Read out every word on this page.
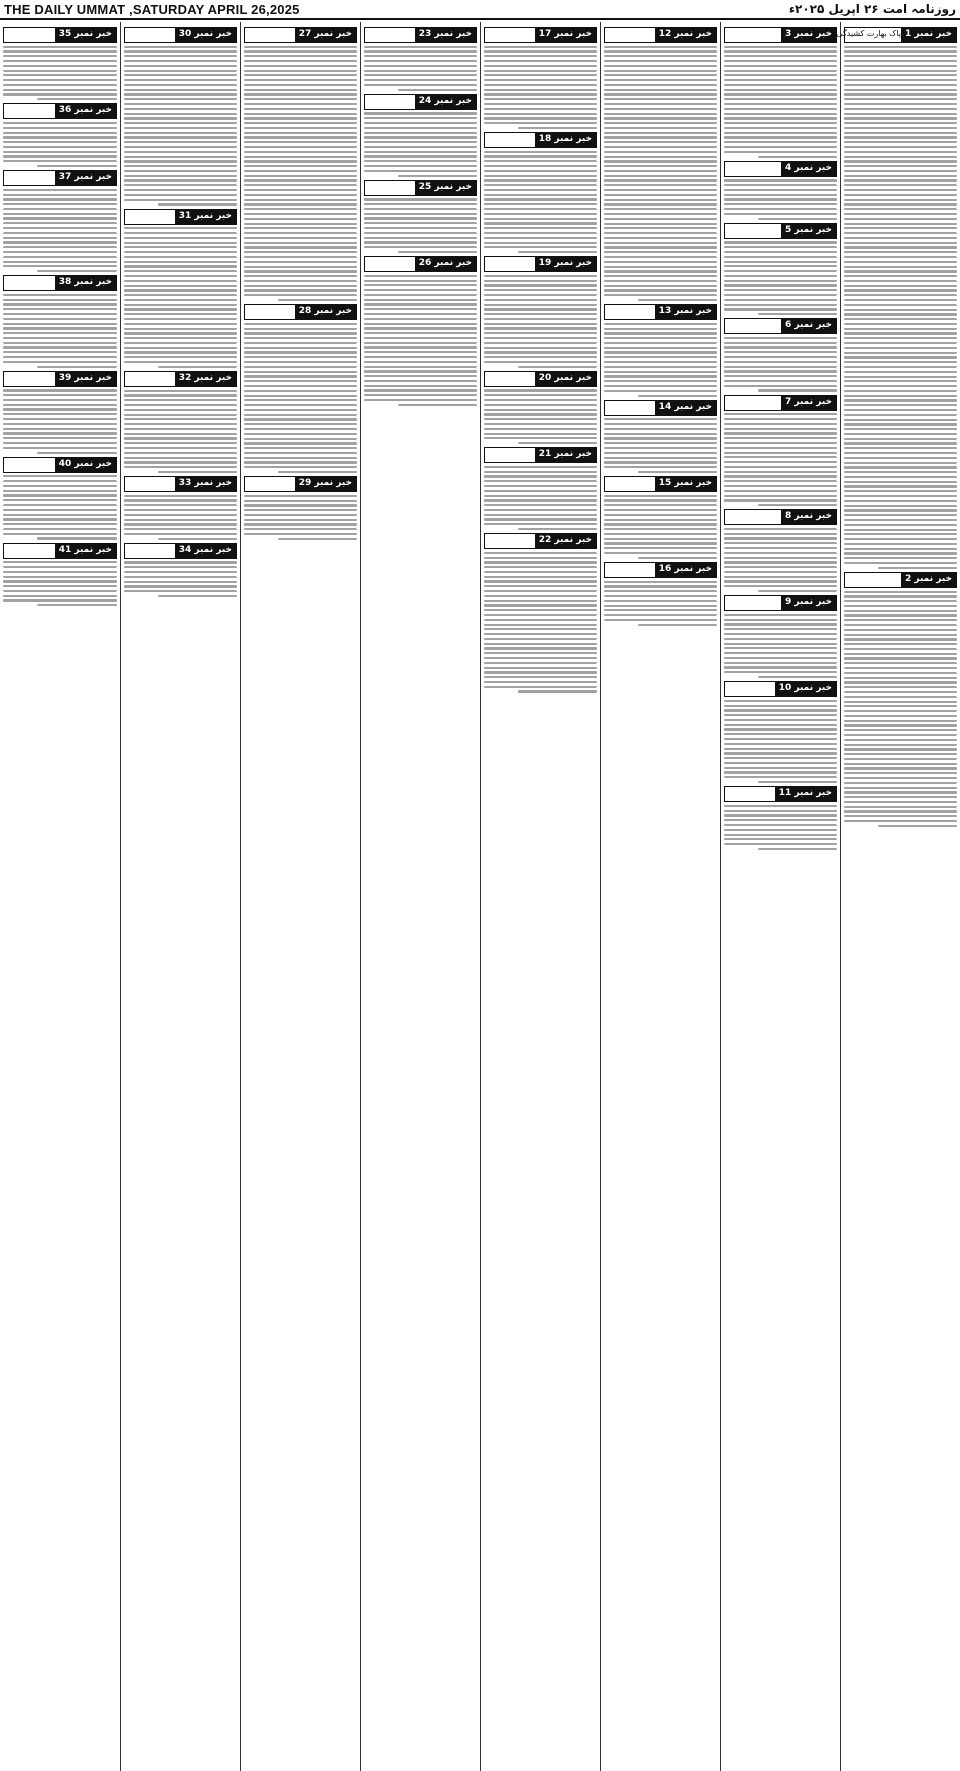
THE DAILY UMMAT ,SATURDAY APRIL 26,2025	روزنامہ امت ۲۶ اپریل ۲۰۲۵ء
خبر نمبر 1
پاک بھارت کشیدگی
خبر نمبر 2
خبر نمبر 3
خبر نمبر 4
خبر نمبر 5
خبر نمبر 6
خبر نمبر 7
خبر نمبر 8
خبر نمبر 9
خبر نمبر 10
خبر نمبر 11
خبر نمبر 12
خبر نمبر 13
خبر نمبر 14
خبر نمبر 15
خبر نمبر 16
خبر نمبر 17
خبر نمبر 18
خبر نمبر 19
خبر نمبر 20
خبر نمبر 21
خبر نمبر 22
خبر نمبر 23
خبر نمبر 24
خبر نمبر 25
خبر نمبر 26
خبر نمبر 27
خبر نمبر 28
خبر نمبر 29
خبر نمبر 30
خبر نمبر 31
خبر نمبر 32
خبر نمبر 33
خبر نمبر 34
خبر نمبر 35
خبر نمبر 36
خبر نمبر 37
خبر نمبر 38
خبر نمبر 39
خبر نمبر 40
خبر نمبر 41
